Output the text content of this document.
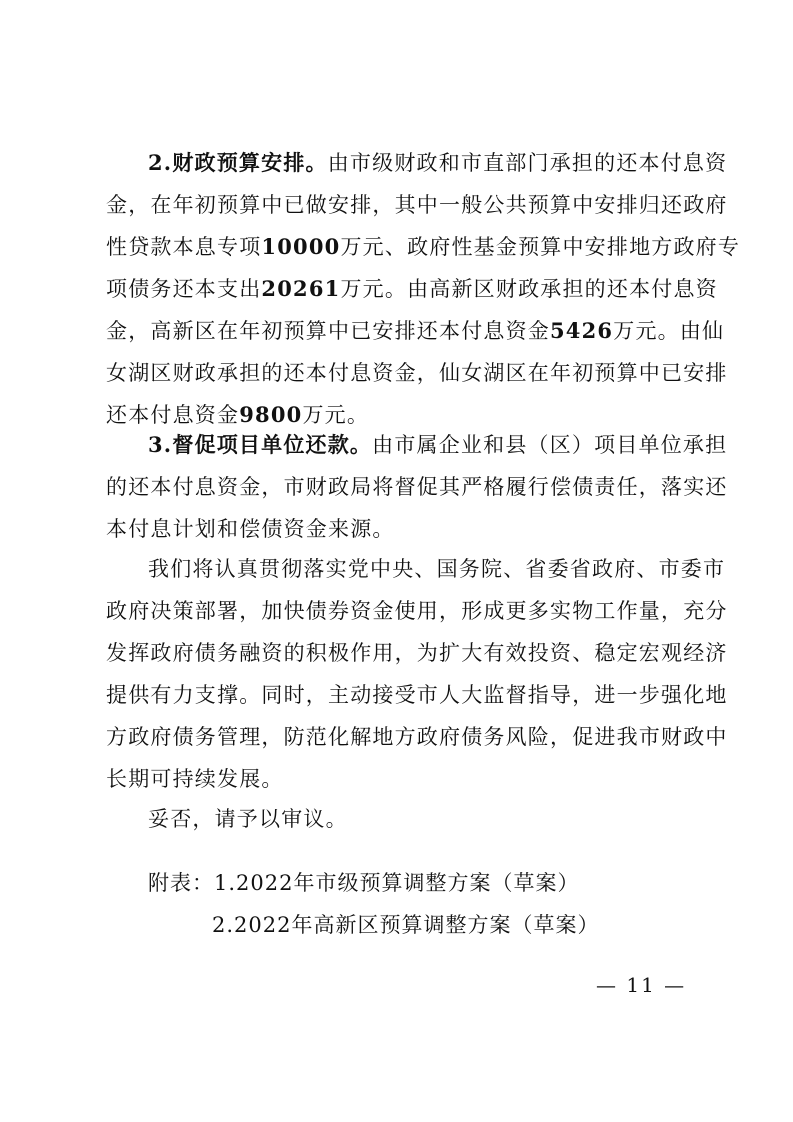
2.财政预算安排。由市级财政和市直部门承担的还本付息资
金，在年初预算中已做安排，其中一般公共预算中安排归还政府
性贷款本息专项10000万元、政府性基金预算中安排地方政府专
项债务还本支出20261万元。由高新区财政承担的还本付息资
金，高新区在年初预算中已安排还本付息资金5426万元。由仙
女湖区财政承担的还本付息资金，仙女湖区在年初预算中已安排
还本付息资金9800万元。
3.督促项目单位还款。由市属企业和县（区）项目单位承担
的还本付息资金，市财政局将督促其严格履行偿债责任，落实还
本付息计划和偿债资金来源。
我们将认真贯彻落实党中央、国务院、省委省政府、市委市
政府决策部署，加快债券资金使用，形成更多实物工作量，充分
发挥政府债务融资的积极作用，为扩大有效投资、稳定宏观经济
提供有力支撑。同时，主动接受市人大监督指导，进一步强化地
方政府债务管理，防范化解地方政府债务风险，促进我市财政中
长期可持续发展。
妥否，请予以审议。
附表：1.2022年市级预算调整方案（草案）
2.2022年高新区预算调整方案（草案）
— 11 —
